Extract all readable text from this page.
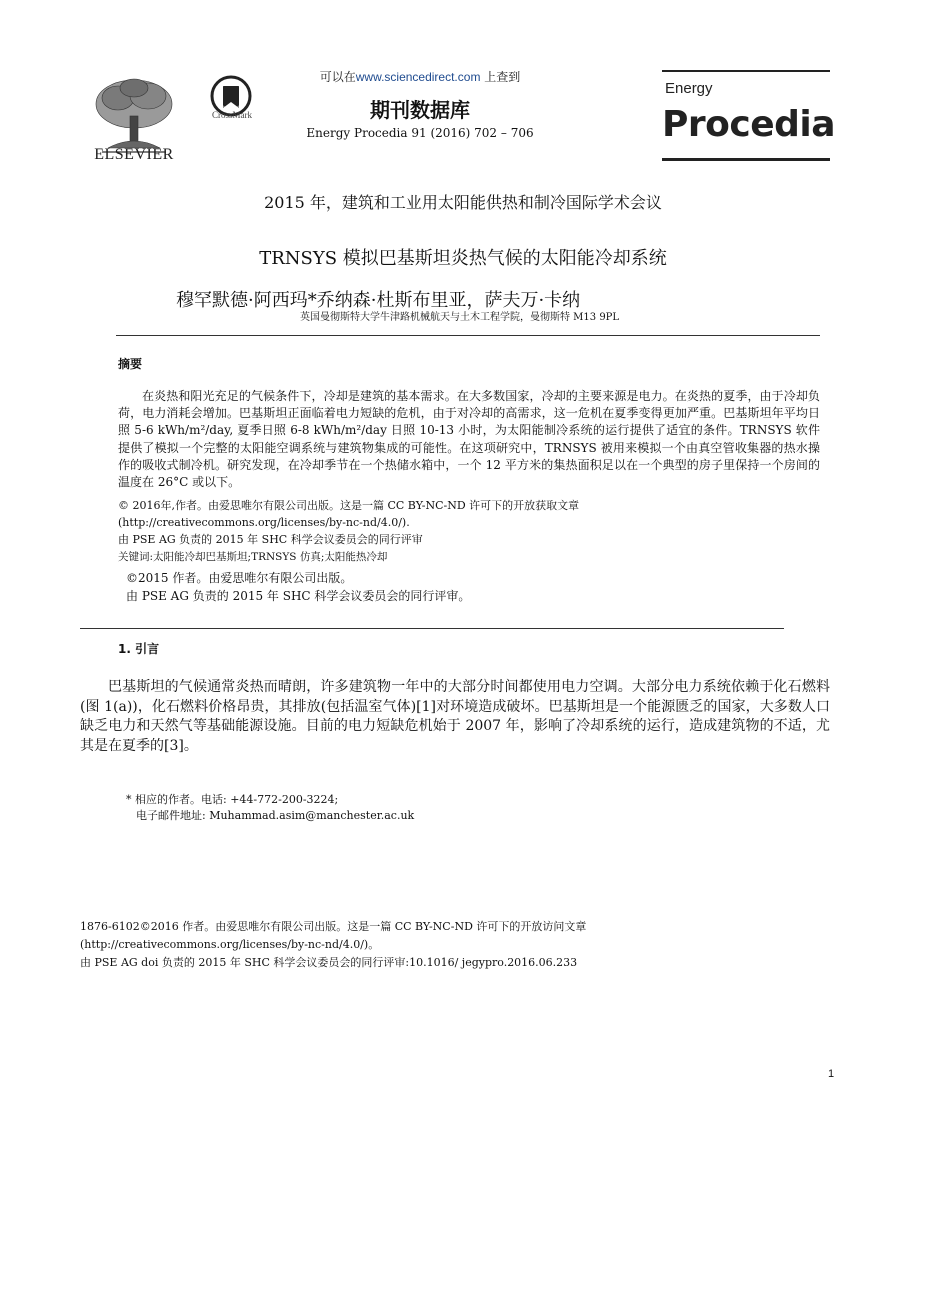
ELSEVIER
CrossMark
可以在www.sciencedirect.com 上查到
期刊数据库
Energy Procedia 91 (2016) 702 – 706
Energy
Procedia
2015 年，建筑和工业用太阳能供热和制冷国际学术会议
TRNSYS 模拟巴基斯坦炎热气候的太阳能冷却系统
穆罕默德·阿西玛*乔纳森·杜斯布里亚，萨夫万·卡纳
英国曼彻斯特大学牛津路机械航天与土木工程学院，曼彻斯特 M13 9PL
摘要
在炎热和阳光充足的气候条件下，冷却是建筑的基本需求。在大多数国家，冷却的主要来源是电力。在炎热的夏季，由于冷却负荷，电力消耗会增加。巴基斯坦正面临着电力短缺的危机，由于对冷却的高需求，这一危机在夏季变得更加严重。巴基斯坦年平均日照 5-6 kWh/m²/day, 夏季日照 6-8 kWh/m²/day 日照 10-13 小时，为太阳能制冷系统的运行提供了适宜的条件。TRNSYS 软件提供了模拟一个完整的太阳能空调系统与建筑物集成的可能性。在这项研究中，TRNSYS 被用来模拟一个由真空管收集器的热水操作的吸收式制冷机。研究发现，在冷却季节在一个热储水箱中，一个 12 平方米的集热面积足以在一个典型的房子里保持一个房间的温度在 26°C 或以下。
© 2016年,作者。由爱思唯尔有限公司出版。这是一篇 CC BY-NC-ND 许可下的开放获取文章
(http://creativecommons.org/licenses/by-nc-nd/4.0/).
由 PSE AG 负责的 2015 年 SHC 科学会议委员会的同行评审
关键词:太阳能冷却巴基斯坦;TRNSYS 仿真;太阳能热冷却
©2015 作者。由爱思唯尔有限公司出版。
由 PSE AG 负责的 2015 年 SHC 科学会议委员会的同行评审。
1. 引言
巴基斯坦的气候通常炎热而晴朗，许多建筑物一年中的大部分时间都使用电力空调。大部分电力系统依赖于化石燃料(图 1(a))，化石燃料价格昂贵，其排放(包括温室气体)[1]对环境造成破坏。巴基斯坦是一个能源匮乏的国家，大多数人口缺乏电力和天然气等基础能源设施。目前的电力短缺危机始于 2007 年，影响了冷却系统的运行，造成建筑物的不适，尤其是在夏季的[3]。
* 相应的作者。电话: +44-772-200-3224;
电子邮件地址: Muhammad.asim@manchester.ac.uk
1876-6102©2016 作者。由爱思唯尔有限公司出版。这是一篇 CC BY-NC-ND 许可下的开放访问文章
(http://creativecommons.org/licenses/by-nc-nd/4.0/)。
由 PSE AG doi 负责的 2015 年 SHC 科学会议委员会的同行评审:10.1016/ jegypro.2016.06.233
1
